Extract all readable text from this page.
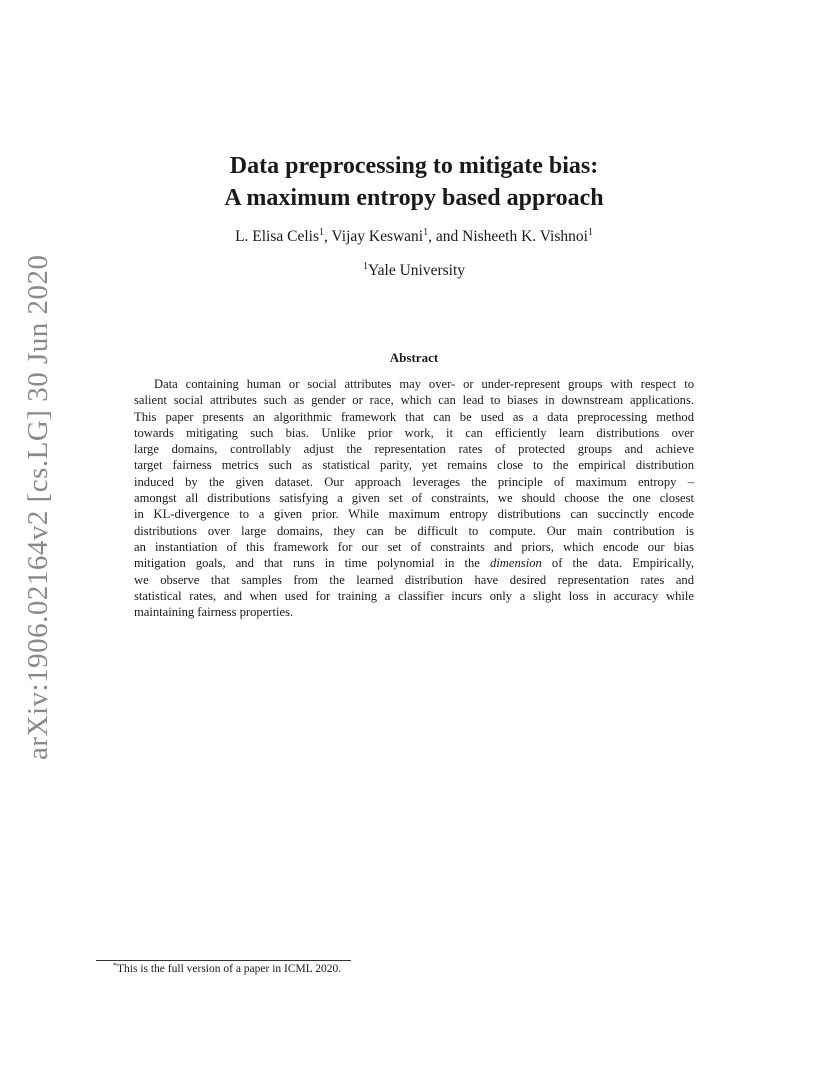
arXiv:1906.02164v2 [cs.LG] 30 Jun 2020
Data preprocessing to mitigate bias:
A maximum entropy based approach
L. Elisa Celis$^1$, Vijay Keswani$^1$, and Nisheeth K. Vishnoi$^1$
$^1$Yale University
Abstract
Data containing human or social attributes may over- or under-represent groups with respect to
salient social attributes such as gender or race, which can lead to biases in downstream applications.
This paper presents an algorithmic framework that can be used as a data preprocessing method
towards mitigating such bias. Unlike prior work, it can efficiently learn distributions over
large domains, controllably adjust the representation rates of protected groups and achieve
target fairness metrics such as statistical parity, yet remains close to the empirical distribution
induced by the given dataset. Our approach leverages the principle of maximum entropy –
amongst all distributions satisfying a given set of constraints, we should choose the one closest
in KL-divergence to a given prior. While maximum entropy distributions can succinctly encode
distributions over large domains, they can be difficult to compute. Our main contribution is
an instantiation of this framework for our set of constraints and priors, which encode our bias
mitigation goals, and that runs in time polynomial in the dimension of the data. Empirically,
we observe that samples from the learned distribution have desired representation rates and
statistical rates, and when used for training a classifier incurs only a slight loss in accuracy while
maintaining fairness properties.
*This is the full version of a paper in ICML 2020.
